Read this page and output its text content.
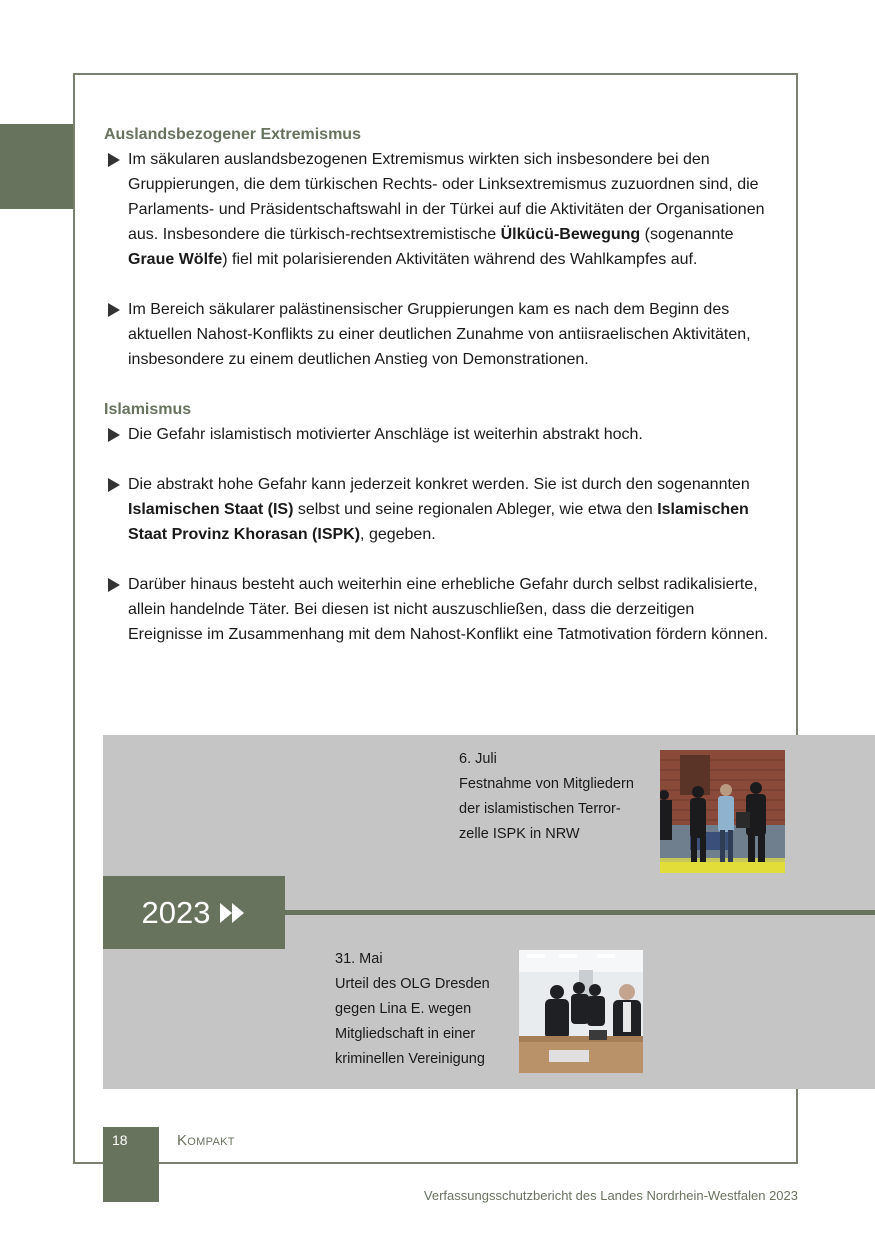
Auslandsbezogener Extremismus

Im säkularen auslandsbezogenen Extremismus wirkten sich insbesondere bei den Gruppierungen, die dem türkischen Rechts- oder Linksextremismus zuzuordnen sind, die Parlaments- und Präsidentschaftswahl in der Türkei auf die Aktivitäten der Organisationen aus. Insbesondere die türkisch-rechtsextremistische Ülkücü-Bewegung (sogenannte Graue Wölfe) fiel mit polarisierenden Aktivitäten während des Wahlkampfes auf.

Im Bereich säkularer palästinensischer Gruppierungen kam es nach dem Beginn des aktuellen Nahost-Konflikts zu einer deutlichen Zunahme von antiisraelischen Aktivitäten, insbesondere zu einem deutlichen Anstieg von Demonstrationen.

Islamismus

Die Gefahr islamistisch motivierter Anschläge ist weiterhin abstrakt hoch.

Die abstrakt hohe Gefahr kann jederzeit konkret werden. Sie ist durch den sogenannten Islamischen Staat (IS) selbst und seine regionalen Ableger, wie etwa den Islamischen Staat Provinz Khorasan (ISPK), gegeben.

Darüber hinaus besteht auch weiterhin eine erhebliche Gefahr durch selbst radikalisierte, allein handelnde Täter. Bei diesen ist nicht auszuschließen, dass die derzeitigen Ereignisse im Zusammenhang mit dem Nahost-Konflikt eine Tatmotivation fördern können.

2023
6. Juli
Festnahme von Mitgliedern
der islamistischen Terror-
zelle ISPK in NRW
31. Mai
Urteil des OLG Dresden
gegen Lina E. wegen
Mitgliedschaft in einer
kriminellen Vereinigung
18	Kompakt
Verfassungsschutzbericht des Landes Nordrhein-Westfalen 2023
